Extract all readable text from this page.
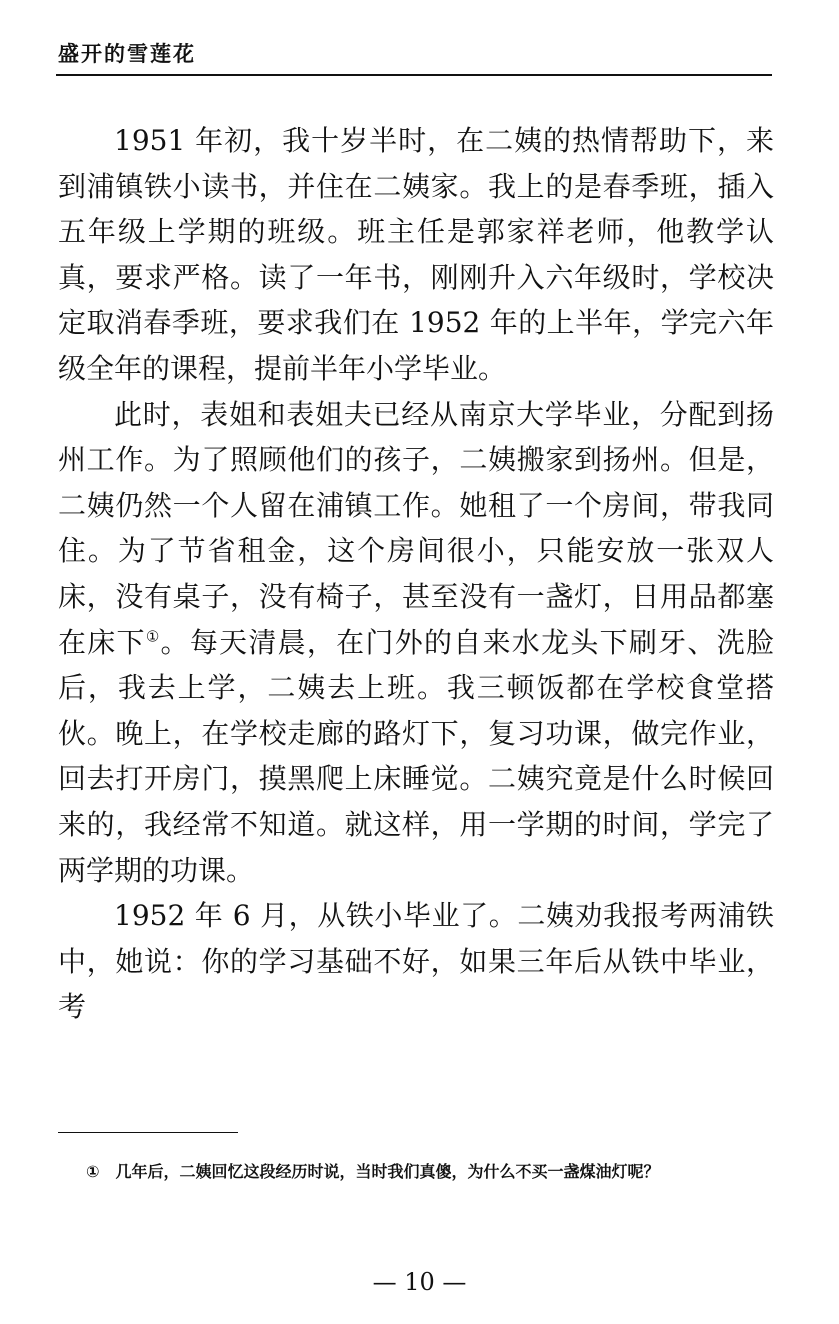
盛开的雪莲花

1951 年初，我十岁半时，在二姨的热情帮助下，来到浦镇铁小读书，并住在二姨家。我上的是春季班，插入五年级上学期的班级。班主任是郭家祥老师，他教学认真，要求严格。读了一年书，刚刚升入六年级时，学校决定取消春季班，要求我们在 1952 年的上半年，学完六年级全年的课程，提前半年小学毕业。

此时，表姐和表姐夫已经从南京大学毕业，分配到扬州工作。为了照顾他们的孩子，二姨搬家到扬州。但是，二姨仍然一个人留在浦镇工作。她租了一个房间，带我同住。为了节省租金，这个房间很小，只能安放一张双人床，没有桌子，没有椅子，甚至没有一盏灯，日用品都塞在床下①。每天清晨，在门外的自来水龙头下刷牙、洗脸后，我去上学，二姨去上班。我三顿饭都在学校食堂搭伙。晚上，在学校走廊的路灯下，复习功课，做完作业，回去打开房门，摸黑爬上床睡觉。二姨究竟是什么时候回来的，我经常不知道。就这样，用一学期的时间，学完了两学期的功课。

1952 年 6 月，从铁小毕业了。二姨劝我报考两浦铁中，她说：你的学习基础不好，如果三年后从铁中毕业，考

① 几年后，二姨回忆这段经历时说，当时我们真傻，为什么不买一盏煤油灯呢？

— 10 —
